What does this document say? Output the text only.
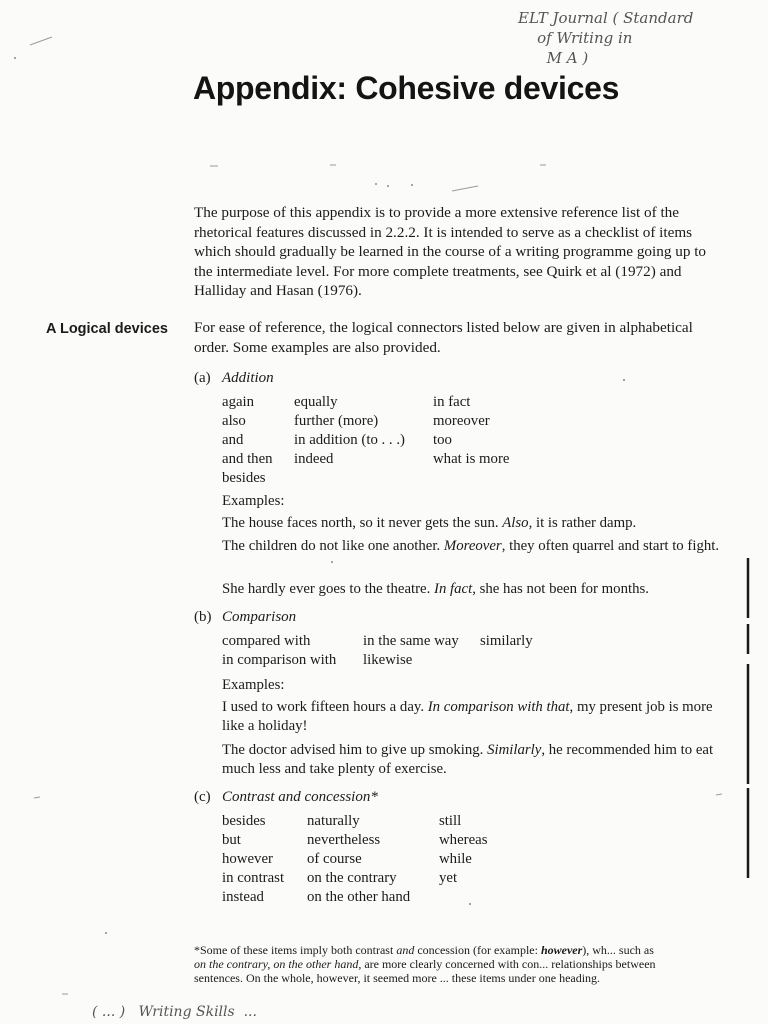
ELT Journal ( Standard
of Writing in
M A )
Appendix: Cohesive devices
The purpose of this appendix is to provide a more extensive reference list of the rhetorical features discussed in 2.2.2. It is intended to serve as a checklist of items which should gradually be learned in the course of a writing programme going up to the intermediate level. For more complete treatments, see Quirk et al (1972) and Halliday and Hasan (1976).
A Logical devices For ease of reference, the logical connectors listed below are given in alphabetical order. Some examples are also provided.
(a) Addition
again
also
and
and then
besides
equally
further (more)
in addition (to . . .)
indeed
in fact
moreover
too
what is more
Examples:
The house faces north, so it never gets the sun. Also, it is rather damp.
The children do not like one another. Moreover, they often quarrel and start to fight.
She hardly ever goes to the theatre. In fact, she has not been for months.
(b) Comparison
compared with
in comparison with
in the same way
likewise
similarly
Examples:
I used to work fifteen hours a day. In comparison with that, my present job is more like a holiday!
The doctor advised him to give up smoking. Similarly, he recommended him to eat much less and take plenty of exercise.
(c) Contrast and concession*
besides
but
however
in contrast
instead
naturally
nevertheless
of course
on the contrary
on the other hand
still
whereas
while
yet
*Some of these items imply both contrast and concession (for example: however), wh... such as on the contrary, on the other hand, are more clearly concerned with con... relationships between sentences. On the whole, however, it seemed more ... these items under one heading.
( ... )   Writing Skills  ...
